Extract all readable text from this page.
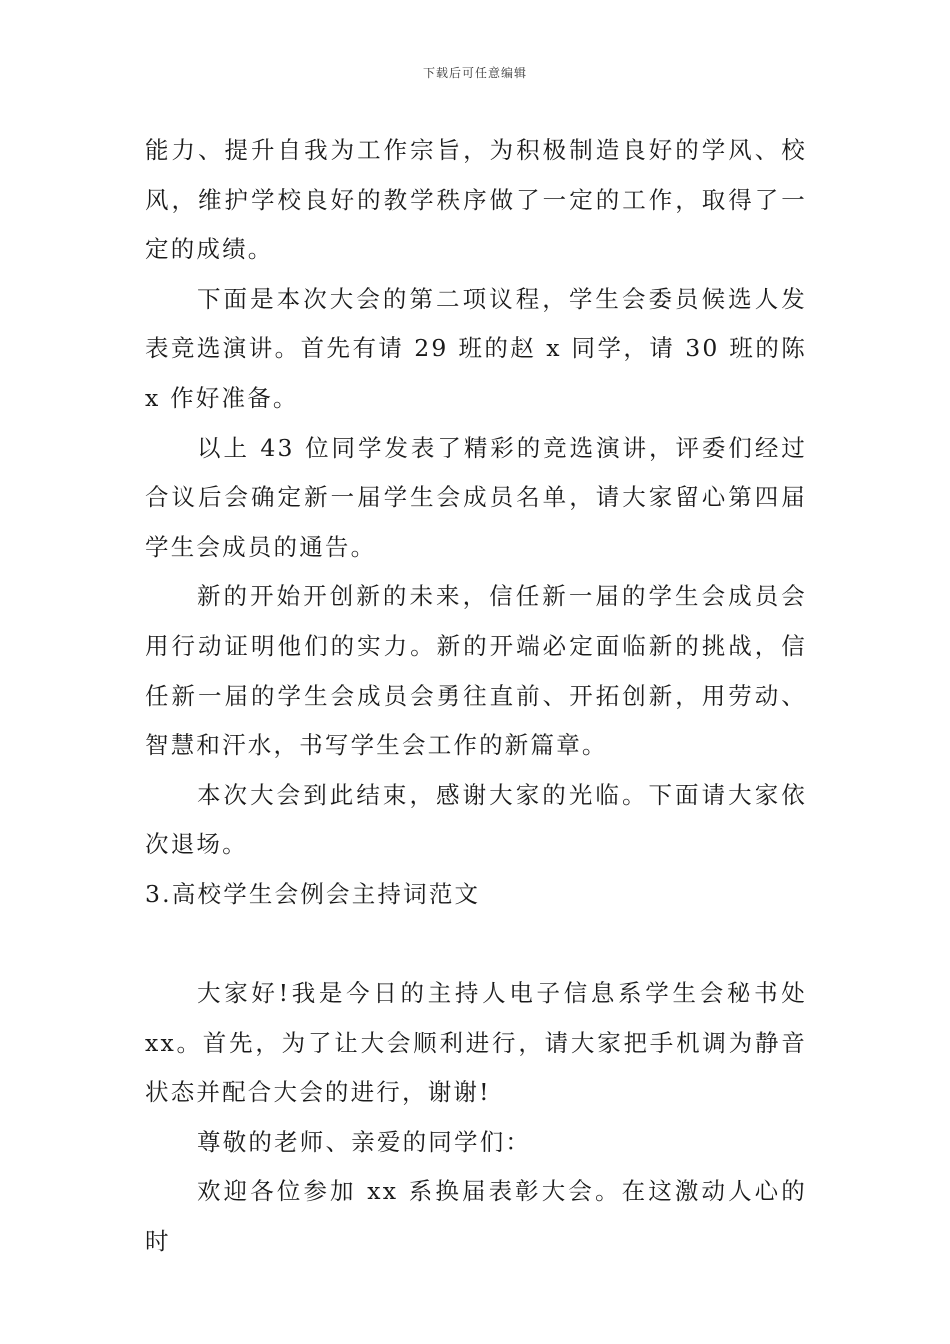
下载后可任意编辑

能力、提升自我为工作宗旨，为积极制造良好的学风、校风，维护学校良好的教学秩序做了一定的工作，取得了一定的成绩。

下面是本次大会的第二项议程，学生会委员候选人发表竞选演讲。首先有请 29 班的赵 x 同学，请 30 班的陈 x 作好准备。

以上 43 位同学发表了精彩的竞选演讲，评委们经过合议后会确定新一届学生会成员名单，请大家留心第四届学生会成员的通告。

新的开始开创新的未来，信任新一届的学生会成员会用行动证明他们的实力。新的开端必定面临新的挑战，信任新一届的学生会成员会勇往直前、开拓创新，用劳动、智慧和汗水，书写学生会工作的新篇章。

本次大会到此结束，感谢大家的光临。下面请大家依次退场。

3.高校学生会例会主持词范文

大家好!我是今日的主持人电子信息系学生会秘书处xx。首先，为了让大会顺利进行，请大家把手机调为静音状态并配合大会的进行，谢谢!

尊敬的老师、亲爱的同学们：

欢迎各位参加 xx 系换届表彰大会。在这激动人心的时
